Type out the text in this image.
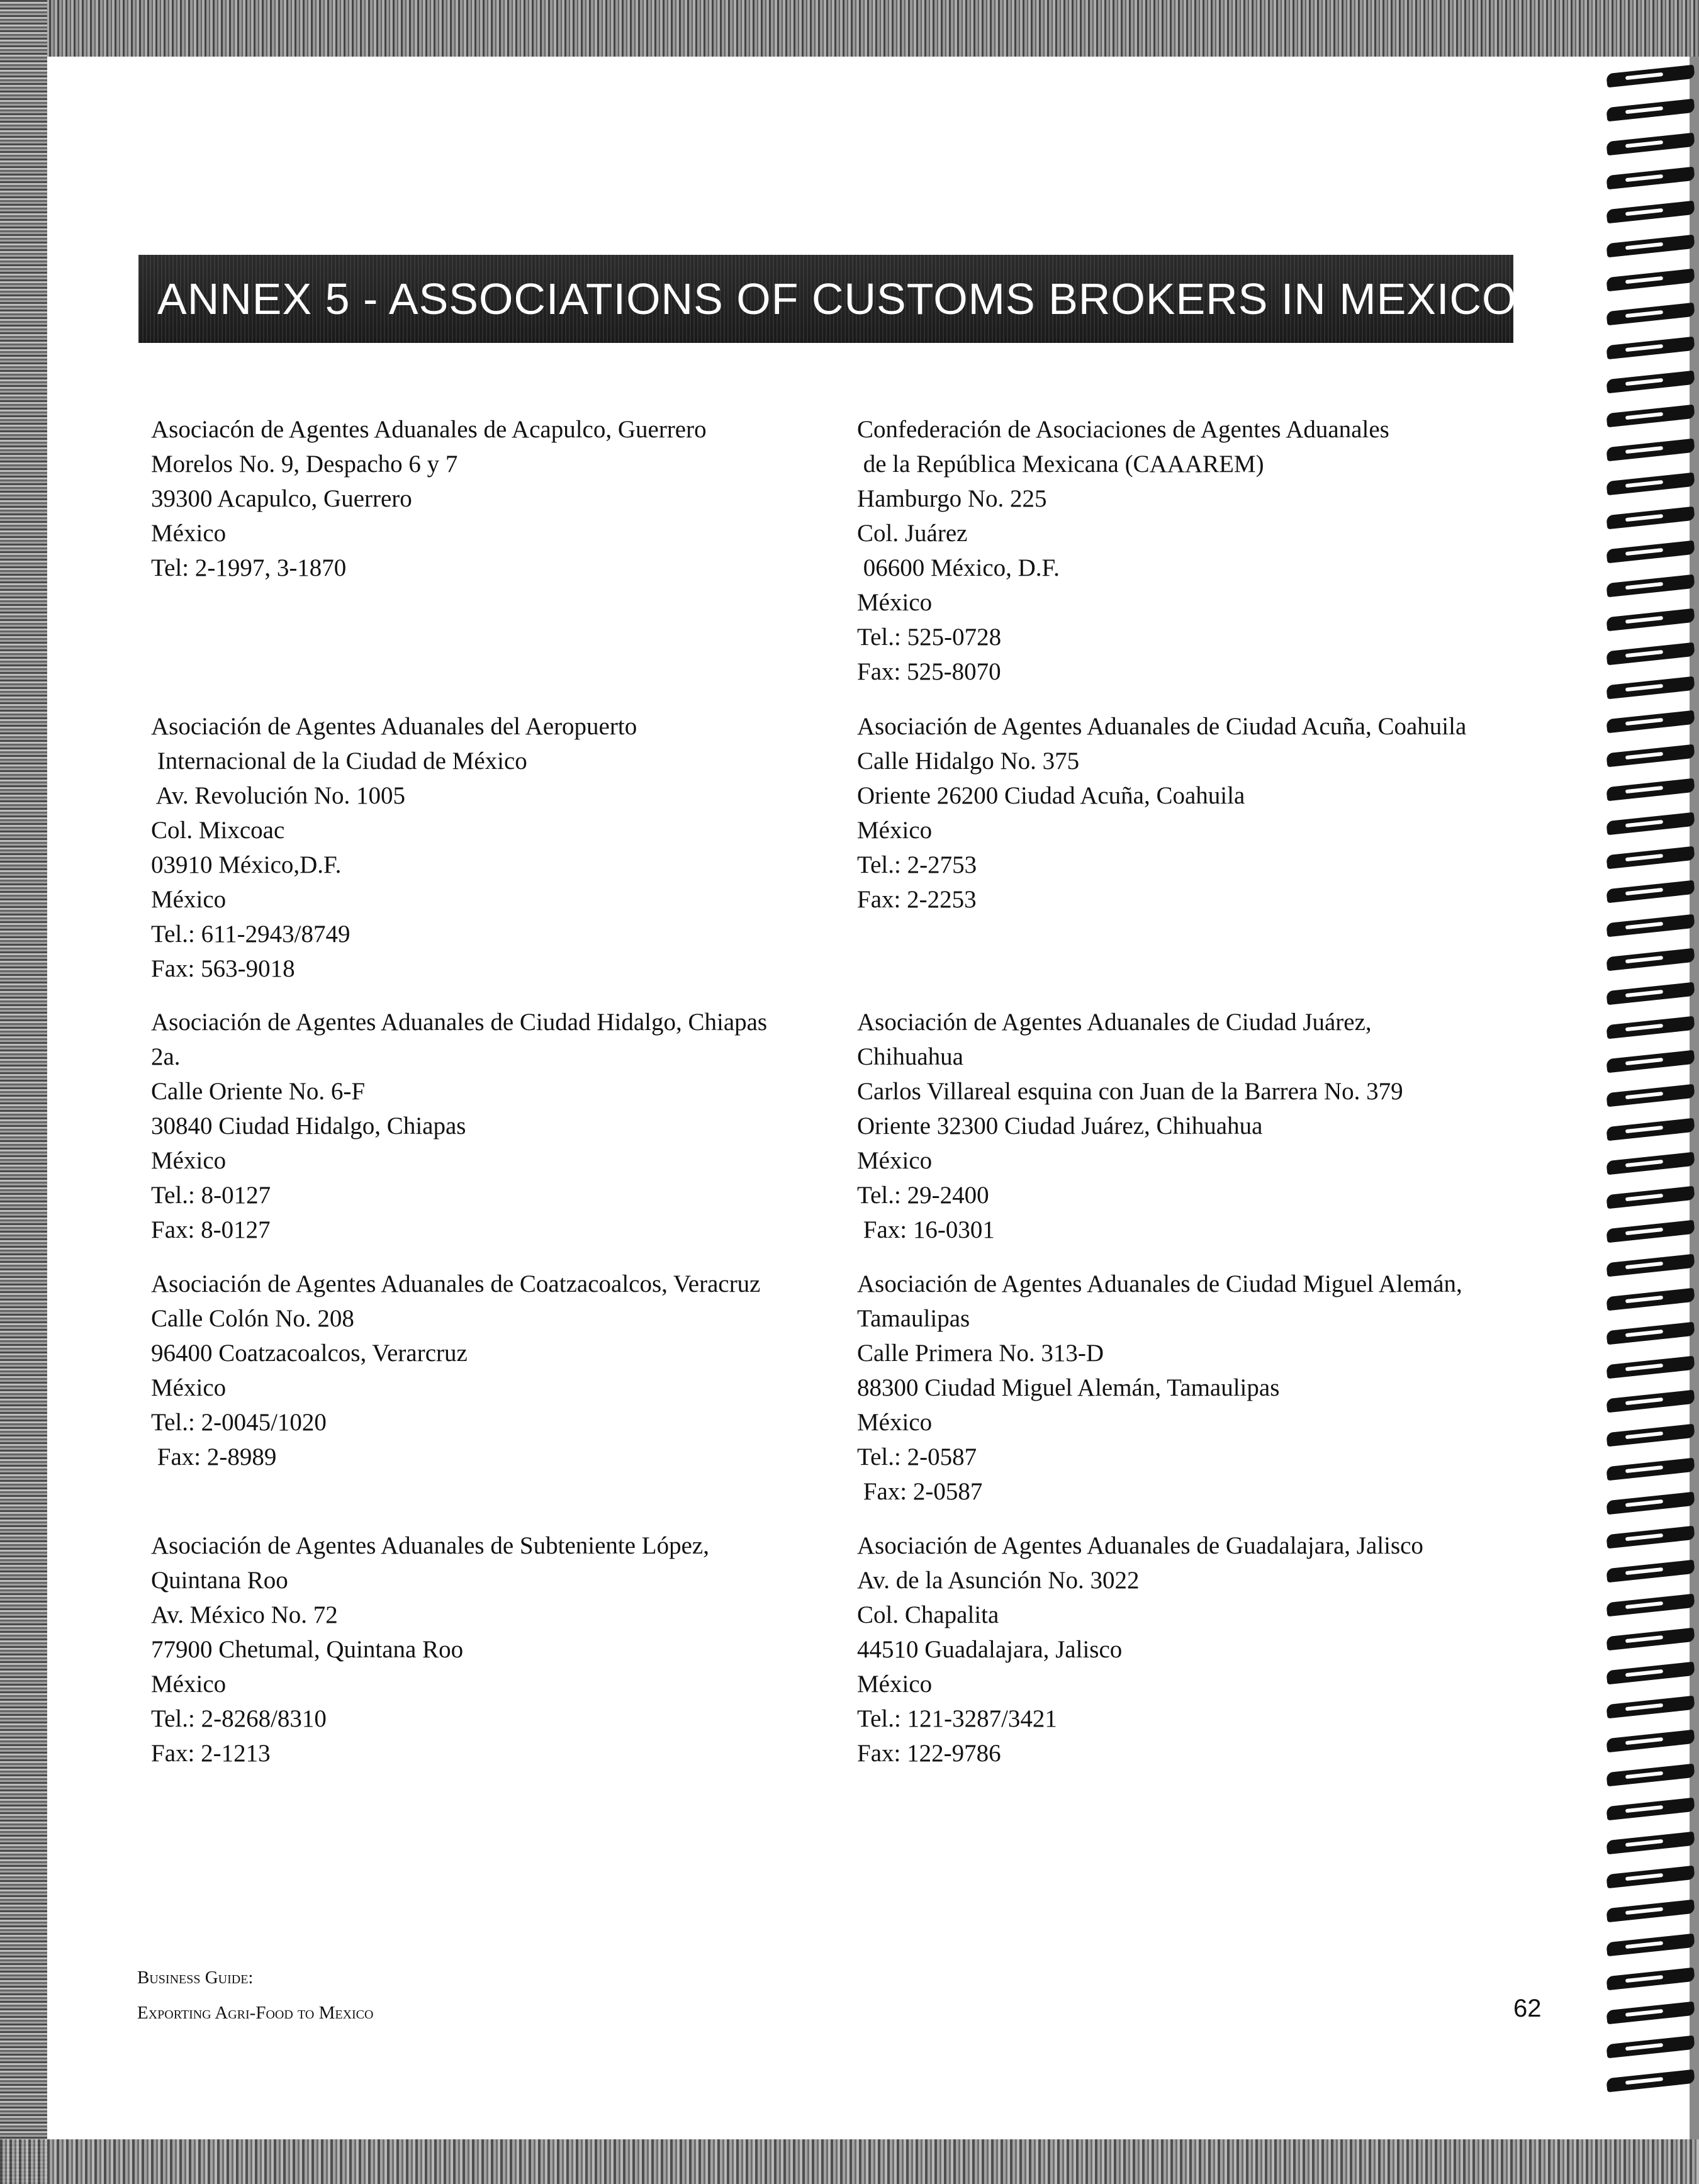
ANNEX 5 - ASSOCIATIONS OF CUSTOMS BROKERS IN MEXICO
Asociacón de Agentes Aduanales de Acapulco, Guerrero
Morelos No. 9, Despacho 6 y 7
39300 Acapulco, Guerrero
México
Tel: 2-1997, 3-1870
Asociación de Agentes Aduanales del Aeropuerto
Internacional de la Ciudad de México
Av. Revolución No. 1005
Col. Mixcoac
03910 México,D.F.
México
Tel.: 611-2943/8749
Fax: 563-9018
Asociación de Agentes Aduanales de Ciudad Hidalgo, Chiapas
2a.
Calle Oriente No. 6-F
30840 Ciudad Hidalgo, Chiapas
México
Tel.: 8-0127
Fax: 8-0127
Asociación de Agentes Aduanales de Coatzacoalcos, Veracruz
Calle Colón No. 208
96400 Coatzacoalcos, Verarcruz
México
Tel.: 2-0045/1020
Fax: 2-8989
Asociación de Agentes Aduanales de Subteniente López,
Quintana Roo
Av. México No. 72
77900 Chetumal, Quintana Roo
México
Tel.: 2-8268/8310
Fax: 2-1213
Confederación de Asociaciones de Agentes Aduanales
de la República Mexicana (CAAAREM)
Hamburgo No. 225
Col. Juárez
06600 México, D.F.
México
Tel.: 525-0728
Fax: 525-8070
Asociación de Agentes Aduanales de Ciudad Acuña, Coahuila
Calle Hidalgo No. 375
Oriente 26200 Ciudad Acuña, Coahuila
México
Tel.: 2-2753
Fax: 2-2253
Asociación de Agentes Aduanales de Ciudad Juárez,
Chihuahua
Carlos Villareal esquina con Juan de la Barrera No. 379
Oriente 32300 Ciudad Juárez, Chihuahua
México
Tel.: 29-2400
Fax: 16-0301
Asociación de Agentes Aduanales de Ciudad Miguel Alemán,
Tamaulipas
Calle Primera No. 313-D
88300 Ciudad Miguel Alemán, Tamaulipas
México
Tel.: 2-0587
Fax: 2-0587
Asociación de Agentes Aduanales de Guadalajara, Jalisco
Av. de la Asunción No. 3022
Col. Chapalita
44510 Guadalajara, Jalisco
México
Tel.: 121-3287/3421
Fax: 122-9786
Business Guide:
Exporting Agri-Food to Mexico	62
